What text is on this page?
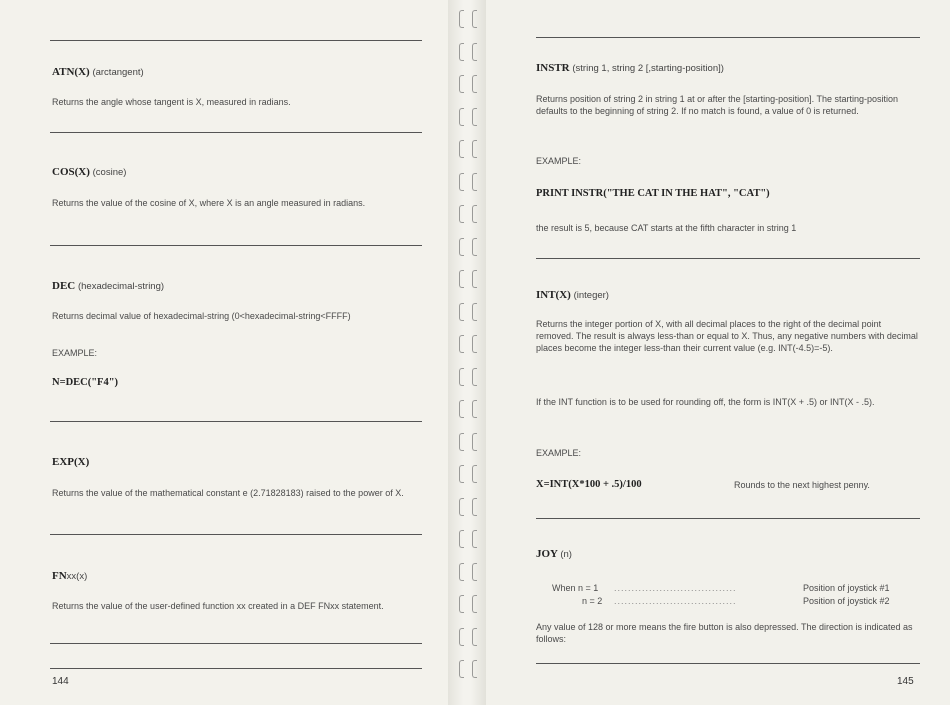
ATN(X) (arctangent)
Returns the angle whose tangent is X, measured in radians.
COS(X) (cosine)
Returns the value of the cosine of X, where X is an angle measured in radians.
DEC (hexadecimal-string)
Returns decimal value of hexadecimal-string (0<hexadecimal-string<FFFF)
EXAMPLE:
N=DEC("F4")
EXP(X)
Returns the value of the mathematical constant e (2.71828183) raised to the power of X.
FNxx(x)
Returns the value of the user-defined function xx created in a DEF FNxx statement.
144
INSTR (string 1, string 2 [,starting-position])
Returns position of string 2 in string 1 at or after the [starting-position]. The starting-position defaults to the beginning of string 2. If no match is found, a value of 0 is returned.
EXAMPLE:
PRINT INSTR("THE CAT IN THE HAT", "CAT")
the result is 5, because CAT starts at the fifth character in string 1
INT(X) (integer)
Returns the integer portion of X, with all decimal places to the right of the decimal point removed. The result is always less-than or equal to X. Thus, any negative numbers with decimal places become the integer less-than their current value (e.g. INT(-4.5)=-5).
If the INT function is to be used for rounding off, the form is INT(X + .5) or INT(X - .5).
EXAMPLE:
X=INT(X*100 + .5)/100	Rounds to the next highest penny.
JOY (n)
When n = 1 ...................................	Position of joystick #1
n = 2 ...................................	Position of joystick #2
Any value of 128 or more means the fire button is also depressed. The direction is indicated as follows:
145
